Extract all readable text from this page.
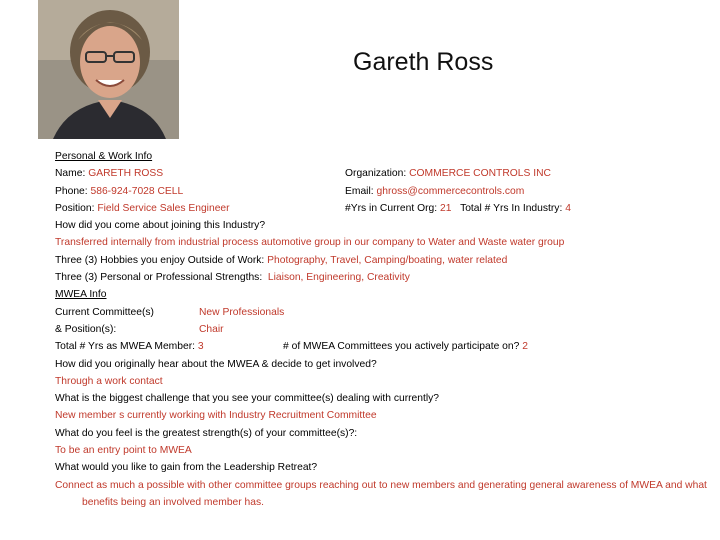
Gareth Ross
Personal & Work Info
Name: GARETH ROSS	Organization: COMMERCE CONTROLS INC
Phone: 586-924-7028 CELL	Email: ghross@commercecontrols.com
Position: Field Service Sales Engineer	#Yrs in Current Org: 21 Total # Yrs In Industry: 4
How did you come about joining this Industry?
Transferred internally from industrial process automotive group in our company to Water and Waste water group
Three (3) Hobbies you enjoy Outside of Work: Photography, Travel, Camping/boating, water related
Three (3) Personal or Professional Strengths:  Liaison, Engineering, Creativity
MWEA Info
Current Committee(s)	New Professionals
& Position(s):	Chair
Total # Yrs as MWEA Member: 3	# of MWEA Committees you actively participate on? 2
How did you originally hear about the MWEA & decide to get involved?
Through a work contact
What is the biggest challenge that you see your committee(s) dealing with currently?
New member s currently working with Industry Recruitment Committee
What do you feel is the greatest strength(s) of your committee(s)?:
To be an entry point to MWEA
What would you like to gain from the Leadership Retreat?
Connect as much a possible with other committee groups reaching out to new members and generating general awareness of MWEA and what benefits being an involved member has.
